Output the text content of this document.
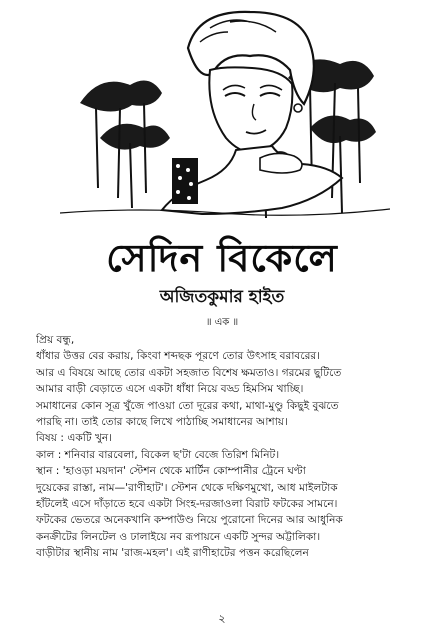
সেদিন বিকেলে
অজিতকুমার হাইত
॥ এক ॥

প্রিয় বন্ধু,

ধাঁধার উত্তর বের করায়, কিংবা শব্দছক পূরণে তোর উৎসাহ বরাবরের।

আর এ বিষয়ে আছে তোর একটা সহজাত বিশেষ ক্ষমতাও। গরমের ছুটিতে

আমার বাড়ী বেড়াতে এসে একটা ধাঁধা নিয়ে বড্ড হিমসিম খাচ্ছি।

সমাধানের কোন সূত্র খুঁজে পাওয়া তো দূরের কথা, মাথা-মুণ্ডু কিছুই বুঝতে

পারছি না। তাই তোর কাছে লিখে পাঠাচ্ছি সমাধানের আশায়।

বিষয় : একটি খুন।

কাল : শনিবার বারবেলা, বিকেল ছ'টা বেজে তিরিশ মিনিট।

স্থান : 'হাওড়া ময়দান' স্টেশন থেকে মার্টিন কোম্পানীর ট্রেনে ঘণ্টা

দুয়েকের রাস্তা, নাম—'রাণীহাট'। স্টেশন থেকে দক্ষিণমুখো, আধ মাইলটাক

হাঁটলেই এসে দাঁড়াতে হবে একটা সিংহ-দরজাওলা বিরাট ফটকের সামনে।

ফটকের ভেতরে অনেকখানি কম্পাউণ্ড নিয়ে পুরোনো দিনের আর আধুনিক

কনক্রীটের লিনটেল ও ঢালাইয়ে নব রূপায়নে একটি সুন্দর অট্টালিকা।

বাড়ীটার স্থানীয় নাম 'রাজ-মহল'। এই রাণীহাটের পত্তন করেছিলেন

২
